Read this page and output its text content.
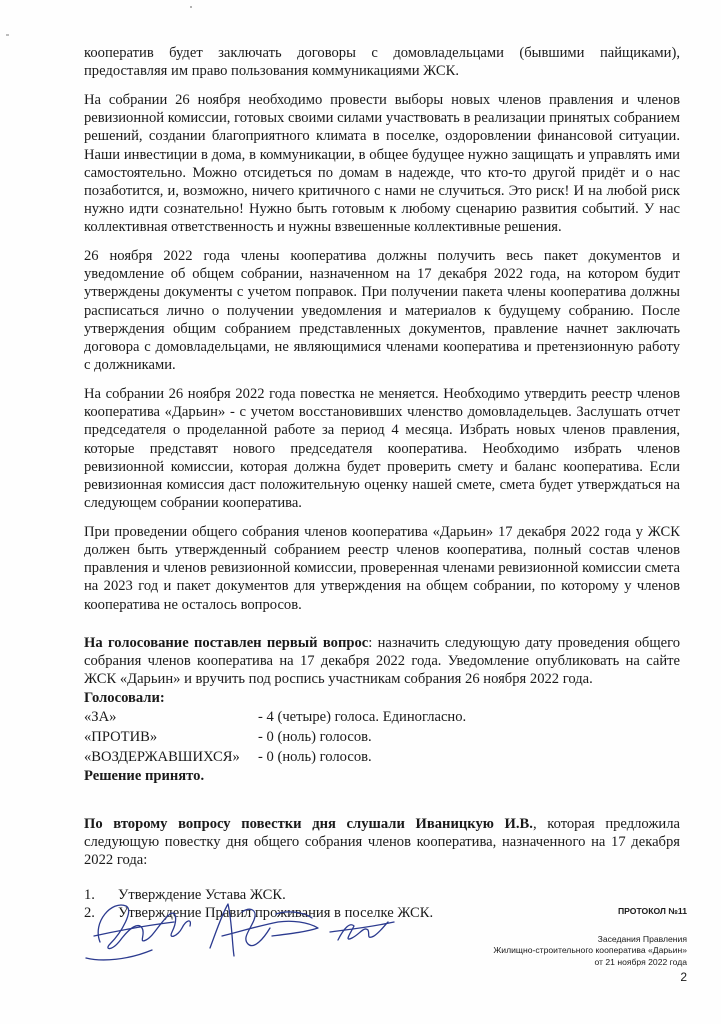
кооператив будет заключать договоры с домовладельцами (бывшими пайщиками), предоставляя им право пользования коммуникациями ЖСК.

На собрании 26 ноября необходимо провести выборы новых членов правления и членов ревизионной комиссии, готовых своими силами участвовать в реализации принятых собранием решений, создании благоприятного климата в поселке, оздоровлении финансовой ситуации. Наши инвестиции в дома, в коммуникации, в общее будущее нужно защищать и управлять ими самостоятельно. Можно отсидеться по домам в надежде, что кто-то другой придёт и о нас позаботится, и, возможно, ничего критичного с нами не случиться. Это риск! И на любой риск нужно идти сознательно! Нужно быть готовым к любому сценарию развития событий. У нас коллективная ответственность и нужны взвешенные коллективные решения.

26 ноября 2022 года члены кооператива должны получить весь пакет документов и уведомление об общем собрании, назначенном на 17 декабря 2022 года, на котором будит утверждены документы с учетом поправок. При получении пакета члены кооператива должны расписаться лично о получении уведомления и материалов к будущему собранию. После утверждения общим собранием представленных документов, правление начнет заключать договора с домовладельцами, не являющимися членами кооператива и претензионную работу с должниками.

На собрании 26 ноября 2022 года повестка не меняется. Необходимо утвердить реестр членов кооператива «Дарьин» - с учетом восстановивших членство домовладельцев. Заслушать отчет председателя о проделанной работе за период 4 месяца. Избрать новых членов правления, которые представят нового председателя кооператива. Необходимо избрать членов ревизионной комиссии, которая должна будет проверить смету и баланс кооператива. Если ревизионная комиссия даст положительную оценку нашей смете, смета будет утверждаться на следующем собрании кооператива.

При проведении общего собрания членов кооператива «Дарьин» 17 декабря 2022 года у ЖСК должен быть утвержденный собранием реестр членов кооператива, полный состав членов правления и членов ревизионной комиссии, проверенная членами ревизионной комиссии смета на 2023 год и пакет документов для утверждения на общем собрании, по которому у членов кооператива не осталось вопросов.

На голосование поставлен первый вопрос: назначить следующую дату проведения общего собрания членов кооператива на 17 декабря 2022 года. Уведомление опубликовать на сайте ЖСК «Дарьин» и вручить под роспись участникам собрания 26 ноября 2022 года.

Голосовали:

«ЗА»	- 4 (четыре) голоса. Единогласно.
«ПРОТИВ»	- 0 (ноль) голосов.
«ВОЗДЕРЖАВШИХСЯ»	- 0 (ноль) голосов.

Решение принято.

По второму вопросу повестки дня слушали Иваницкую И.В., которая предложила следующую повестку дня общего собрания членов кооператива, назначенного на 17 декабря 2022 года:

1.	Утверждение Устава ЖСК.
2.	Утверждение Правил проживания в поселке ЖСК.	ПРОТОКОЛ №11
Заседания Правления
Жилищно-строительного кооператива «Дарьин»
от 21 ноября 2022 года
2
